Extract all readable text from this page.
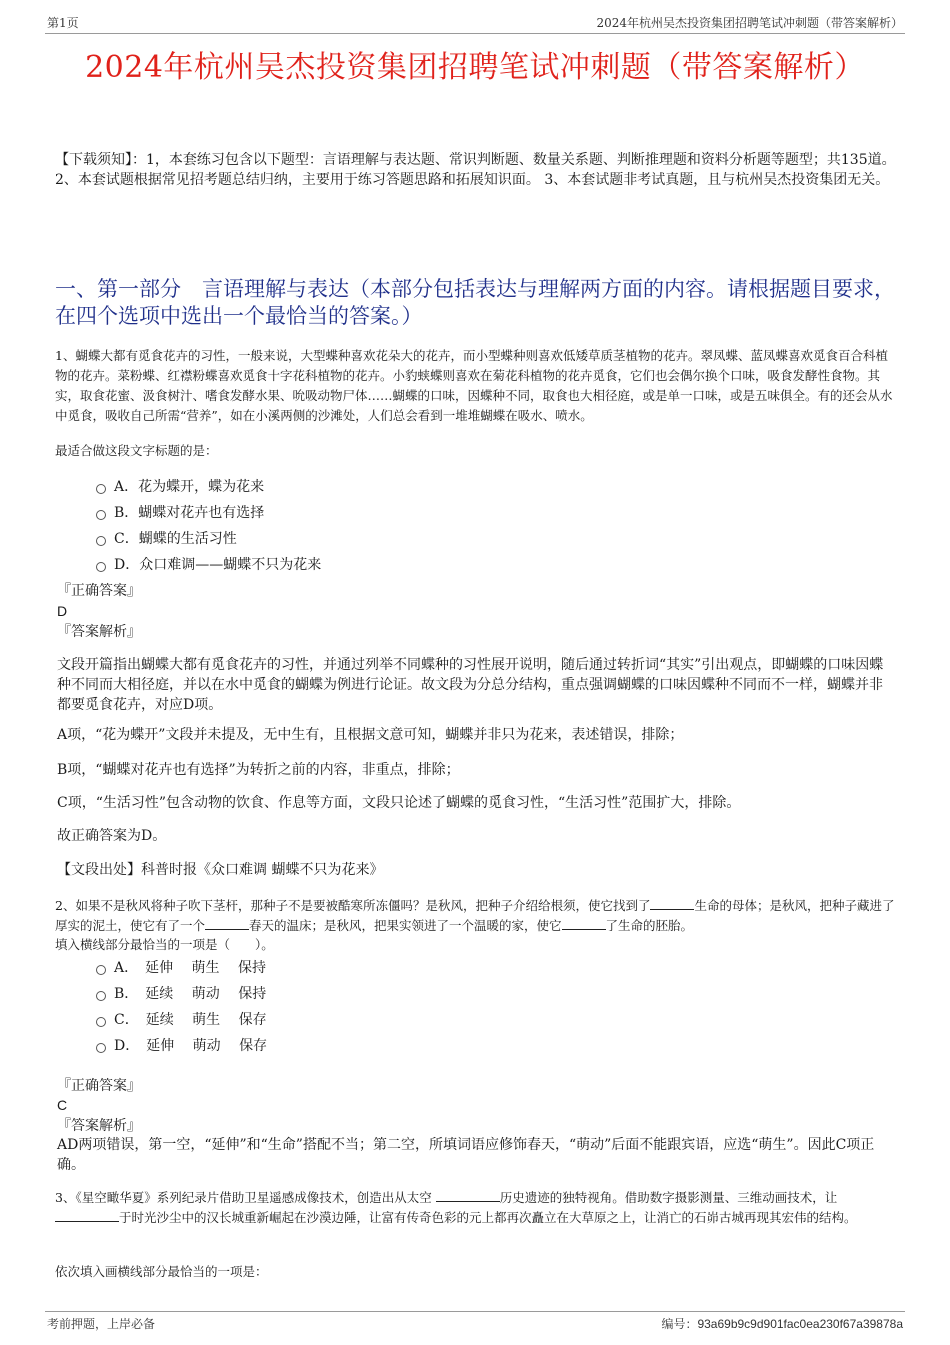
第1页	2024年杭州吴杰投资集团招聘笔试冲刺题（带答案解析）
2024年杭州吴杰投资集团招聘笔试冲刺题（带答案解析）
【下载须知】：1，本套练习包含以下题型：言语理解与表达题、常识判断题、数量关系题、判断推理题和资料分析题等题型；共135道。 2、本套试题根据常见招考题总结归纳，主要用于练习答题思路和拓展知识面。 3、本套试题非考试真题，且与杭州吴杰投资集团无关。
一、第一部分　言语理解与表达（本部分包括表达与理解两方面的内容。请根据题目要求，在四个选项中选出一个最恰当的答案。）
1、蝴蝶大都有觅食花卉的习性，一般来说，大型蝶种喜欢花朵大的花卉，而小型蝶种则喜欢低矮草质茎植物的花卉。翠凤蝶、蓝凤蝶喜欢觅食百合科植物的花卉。菜粉蝶、红襟粉蝶喜欢觅食十字花科植物的花卉。小豹蛱蝶则喜欢在菊花科植物的花卉觅食，它们也会偶尔换个口味，吸食发酵性食物。其实，取食花蜜、汲食树汁、嗜食发酵水果、吮吸动物尸体……蝴蝶的口味，因蝶种不同，取食也大相径庭，或是单一口味，或是五味俱全。有的还会从水中觅食，吸收自己所需“营养”，如在小溪两侧的沙滩处，人们总会看到一堆堆蝴蝶在吸水、喷水。
最适合做这段文字标题的是：
A．花为蝶开，蝶为花来
B．蝴蝶对花卉也有选择
C．蝴蝶的生活习性
D．众口难调——蝴蝶不只为花来
『正确答案』
D
『答案解析』
文段开篇指出蝴蝶大都有觅食花卉的习性，并通过列举不同蝶种的习性展开说明，随后通过转折词“其实”引出观点，即蝴蝶的口味因蝶种不同而大相径庭，并以在水中觅食的蝴蝶为例进行论证。故文段为分总分结构，重点强调蝴蝶的口味因蝶种不同而不一样，蝴蝶并非都要觅食花卉，对应D项。
A项，“花为蝶开”文段并未提及，无中生有，且根据文意可知，蝴蝶并非只为花来，表述错误，排除；
B项，“蝴蝶对花卉也有选择”为转折之前的内容，非重点，排除；
C项，“生活习性”包含动物的饮食、作息等方面，文段只论述了蝴蝶的觅食习性，“生活习性”范围扩大，排除。
故正确答案为D。
【文段出处】科普时报《众口难调 蝴蝶不只为花来》
2、如果不是秋风将种子吹下茎杆，那种子不是要被酷寒所冻僵吗？是秋风，把种子介绍给根须，使它找到了	生命的母体；是秋风，把种子藏进了厚实的泥土，使它有了一个	春天的温床；是秋风，把果实领进了一个温暖的家，使它	了生命的胚胎。
填入横线部分最恰当的一项是（　　）。
A．　延伸　 萌生　 保持
B．　延续　 萌动　 保持
C．　延续　 萌生　 保存
D．　延伸　 萌动　 保存
『正确答案』
C
『答案解析』
AD两项错误，第一空，“延伸”和“生命”搭配不当；第二空，所填词语应修饰春天，“萌动”后面不能跟宾语，应选“萌生”。因此C项正确。
3、《星空瞰华夏》系列纪录片借助卫星遥感成像技术，创造出从太空	历史遗迹的独特视角。借助数字摄影测量、三维动画技术，让于时光沙尘中的汉长城重新崛起在沙漠边陲，让富有传奇色彩的元上都再次矗立在大草原之上，让消亡的石峁古城再现其宏伟的结构。
依次填入画横线部分最恰当的一项是：
考前押题，上岸必备	编号：93a69b9c9d901fac0ea230f67a39878a
